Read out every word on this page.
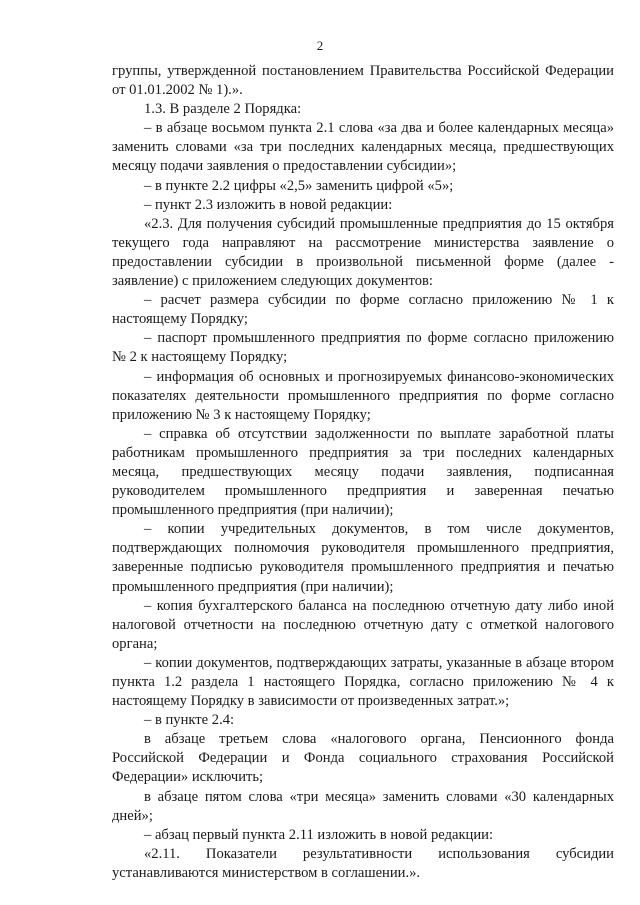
2

группы, утвержденной постановлением Правительства Российской Федерации от 01.01.2002 № 1).».

1.3. В разделе 2 Порядка:

– в абзаце восьмом пункта 2.1 слова «за два и более календарных месяца» заменить словами «за три последних календарных месяца, предшествующих месяцу подачи заявления о предоставлении субсидии»;

– в пункте 2.2 цифры «2,5» заменить цифрой «5»;

– пункт 2.3 изложить в новой редакции:

«2.3. Для получения субсидий промышленные предприятия до 15 октября текущего года направляют на рассмотрение министерства заявление о предоставлении субсидии в произвольной письменной форме (далее - заявление) с приложением следующих документов:

– расчет размера субсидии по форме согласно приложению № 1 к настоящему Порядку;

– паспорт промышленного предприятия по форме согласно приложению № 2 к настоящему Порядку;

– информация об основных и прогнозируемых финансово-экономических показателях деятельности промышленного предприятия по форме согласно приложению № 3 к настоящему Порядку;

– справка об отсутствии задолженности по выплате заработной платы работникам промышленного предприятия за три последних календарных месяца, предшествующих месяцу подачи заявления, подписанная руководителем промышленного предприятия и заверенная печатью промышленного предприятия (при наличии);

– копии учредительных документов, в том числе документов, подтверждающих полномочия руководителя промышленного предприятия, заверенные подписью руководителя промышленного предприятия и печатью промышленного предприятия (при наличии);

– копия бухгалтерского баланса на последнюю отчетную дату либо иной налоговой отчетности на последнюю отчетную дату с отметкой налогового органа;

– копии документов, подтверждающих затраты, указанные в абзаце втором пункта 1.2 раздела 1 настоящего Порядка, согласно приложению № 4 к настоящему Порядку в зависимости от произведенных затрат.»;

– в пункте 2.4:

в абзаце третьем слова «налогового органа, Пенсионного фонда Российской Федерации и Фонда социального страхования Российской Федерации» исключить;

в абзаце пятом слова «три месяца» заменить словами «30 календарных дней»;

– абзац первый пункта 2.11 изложить в новой редакции:

«2.11. Показатели результативности использования субсидии устанавливаются министерством в соглашении.».
